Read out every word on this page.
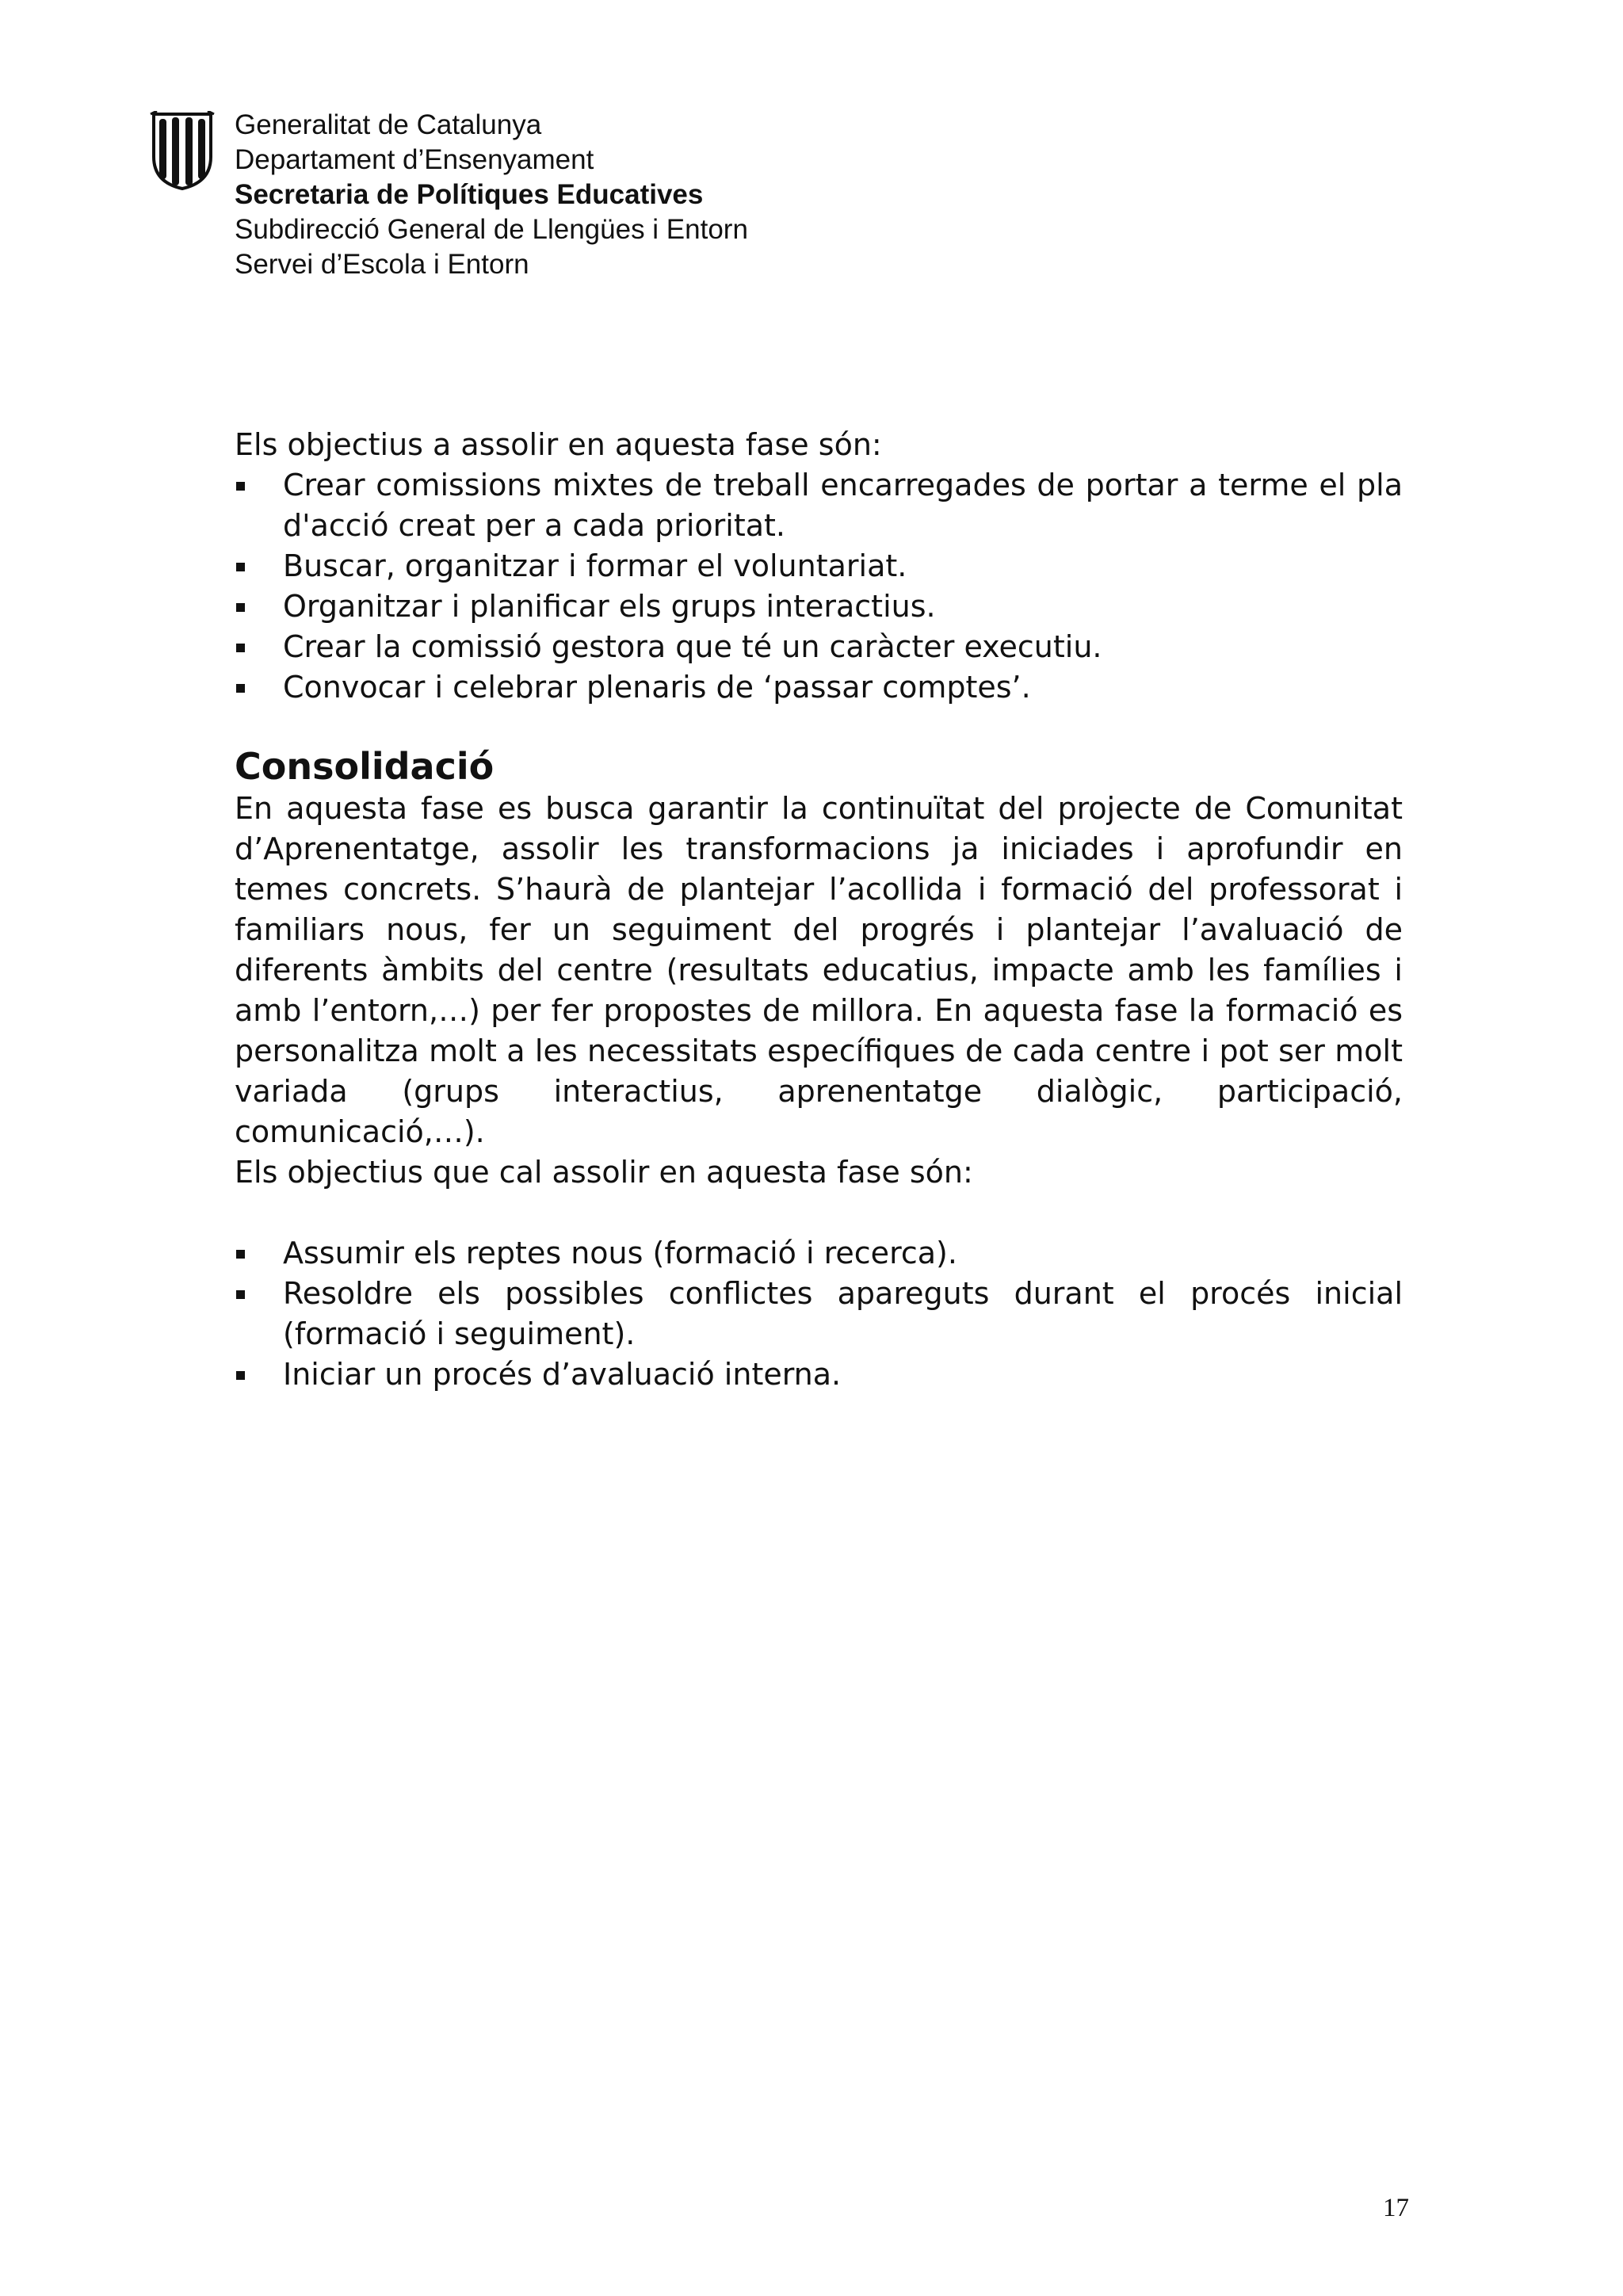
Generalitat de Catalunya
Departament d’Ensenyament
Secretaria de Polítiques Educatives
Subdirecció General de Llengües i Entorn
Servei d’Escola i Entorn

Els objectius a assolir en aquesta fase són:

Crear comissions mixtes de treball encarregades de portar a terme el pla d'acció creat per a cada prioritat.
Buscar, organitzar i formar el voluntariat.
Organitzar i planificar els grups interactius.
Crear la comissió gestora que té un caràcter executiu.
Convocar i celebrar plenaris de ‘passar comptes’.
Consolidació

En aquesta fase es busca garantir la continuïtat del projecte de Comunitat d’Aprenentatge, assolir les transformacions ja iniciades i aprofundir en temes concrets. S’haurà de plantejar l’acollida i formació del professorat i familiars nous, fer un seguiment del progrés i plantejar l’avaluació de diferents àmbits del centre (resultats educatius, impacte amb les famílies i amb l’entorn,…) per fer propostes de millora. En aquesta fase la formació es personalitza molt a les necessitats específiques de cada centre i pot ser molt variada (grups interactius, aprenentatge dialògic, participació, comunicació,…).

Els objectius que cal assolir en aquesta fase són:

Assumir els reptes nous (formació i recerca).
Resoldre els possibles conflictes apareguts durant el procés inicial (formació i seguiment).
Iniciar un procés d’avaluació interna.
17
